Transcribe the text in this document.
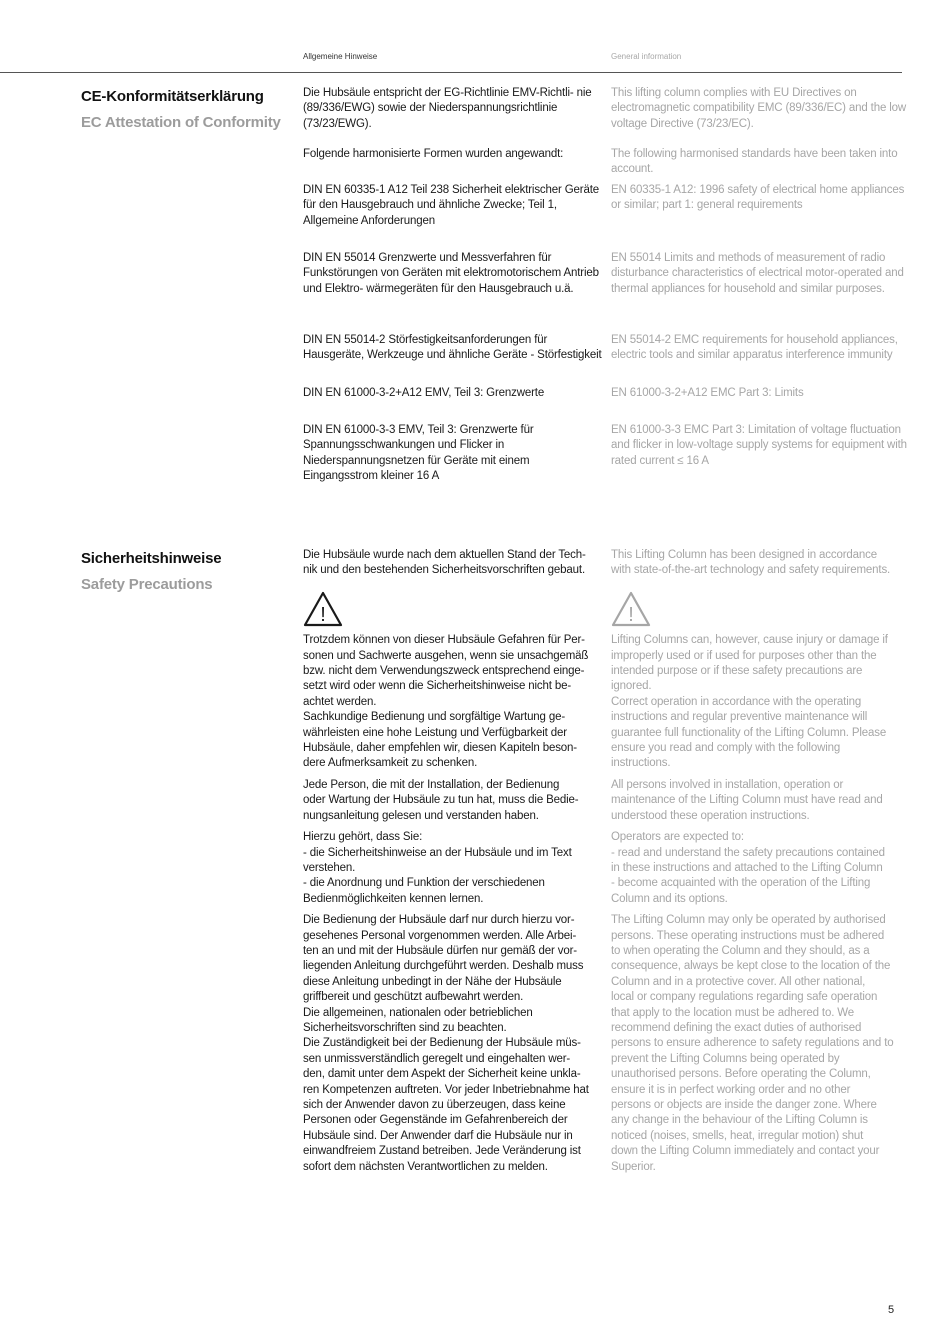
Allgemeine Hinweise	General information
CE-Konformitätserklärung
EC Attestation of Conformity
Die Hubsäule entspricht der EG-Richtlinie EMV-Richtli- nie (89/336/EWG) sowie der Niederspannungsrichtlinie (73/23/EWG).
Folgende harmonisierte Formen wurden angewandt:
DIN EN 60335-1 A12 Teil 238 Sicherheit elektrischer Geräte für den Hausgebrauch und ähnliche Zwecke; Teil 1, Allgemeine Anforderungen
DIN EN 55014 Grenzwerte und Messverfahren für Funkstörungen von Geräten mit elektromotorischem Antrieb und Elektro- wärmegeräten für den Hausgebrauch u.ä.
DIN EN 55014-2 Störfestigkeitsanforderungen für Hausgeräte, Werkzeuge und ähnliche Geräte - Störfestigkeit
DIN EN 61000-3-2+A12 EMV, Teil 3: Grenzwerte
DIN EN 61000-3-3 EMV, Teil 3: Grenzwerte für Spannungsschwankungen und Flicker in Niederspannungsnetzen für Geräte mit einem Eingangsstrom kleiner 16 A
This lifting column complies with EU Directives on electromagnetic compatibility EMC (89/336/EC) and the low voltage Directive (73/23/EC).
The following harmonised standards have been taken into account.
EN 60335-1 A12: 1996 safety of electrical home appliances or similar; part 1: general requirements
EN 55014 Limits and methods of measurement of radio disturbance characteristics of electrical motor-operated and thermal appliances for household and similar purposes.
EN 55014-2 EMC requirements for household appliances, electric tools and similar apparatus interference immunity
EN 61000-3-2+A12 EMC Part 3: Limits
EN 61000-3-3 EMC Part 3: Limitation of voltage fluctuation and flicker in low-voltage supply systems for equipment with rated current ≤ 16 A
Sicherheitshinweise
Safety Precautions

Die Hubsäule wurde nach dem aktuellen Stand der Tech-
nik und den bestehenden Sicherheitsvorschriften gebaut.

!

Trotzdem können von dieser Hubsäule Gefahren für Per-
sonen und Sachwerte ausgehen, wenn sie unsachgemäß
bzw. nicht dem Verwendungszweck entsprechend einge-
setzt wird oder wenn die Sicherheitshinweise nicht be-
achtet werden.
Sachkundige Bedienung und sorgfältige Wartung ge-
währleisten eine hohe Leistung und Verfügbarkeit der
Hubsäule, daher empfehlen wir, diesen Kapiteln beson-
dere Aufmerksamkeit zu schenken.

Jede Person, die mit der Installation, der Bedienung
oder Wartung der Hubsäule zu tun hat, muss die Bedie-
nungsanleitung gelesen und verstanden haben.

Hierzu gehört, dass Sie:
- die Sicherheitshinweise an der Hubsäule und im Text
verstehen.
- die Anordnung und Funktion der verschiedenen
Bedienmöglichkeiten kennen lernen.

Die Bedienung der Hubsäule darf nur durch hierzu vor-
gesehenes Personal vorgenommen werden. Alle Arbei-
ten an und mit der Hubsäule dürfen nur gemäß der vor-
liegenden Anleitung durchgeführt werden. Deshalb muss
diese Anleitung unbedingt in der Nähe der Hubsäule
griffbereit und geschützt aufbewahrt werden.
Die allgemeinen, nationalen oder betrieblichen
Sicherheitsvorschriften sind zu beachten.
Die Zuständigkeit bei der Bedienung der Hubsäule müs-
sen unmissverständlich geregelt und eingehalten wer-
den, damit unter dem Aspekt der Sicherheit keine unkla-
ren Kompetenzen auftreten. Vor jeder Inbetriebnahme hat
sich der Anwender davon zu überzeugen, dass keine
Personen oder Gegenstände im Gefahrenbereich der
Hubsäule sind. Der Anwender darf die Hubsäule nur in
einwandfreiem Zustand betreiben. Jede Veränderung ist
sofort dem nächsten Verantwortlichen zu melden.

This Lifting Column has been designed in accordance
with state-of-the-art technology and safety requirements.

!

Lifting Columns can, however, cause injury or damage if
improperly used or if used for purposes other than the
intended purpose or if these safety precautions are
ignored.
Correct operation in accordance with the operating
instructions and regular preventive maintenance will
guarantee full functionality of the Lifting Column. Please
ensure you read and comply with the following
instructions.

All persons involved in installation, operation or
maintenance of the Lifting Column must have read and
understood these operation instructions.

Operators are expected to:
- read and understand the safety precautions contained
in these instructions and attached to the Lifting Column
- become acquainted with the operation of the Lifting
Column and its options.

The Lifting Column may only be operated by authorised
persons. These operating instructions must be adhered
to when operating the Column and they should, as a
consequence, always be kept close to the location of the
Column and in a protective cover. All other national,
local or company regulations regarding safe operation
that apply to the location must be adhered to. We
recommend defining the exact duties of authorised
persons to ensure adherence to safety regulations and to
prevent the Lifting Columns being operated by
unauthorised persons. Before operating the Column,
ensure it is in perfect working order and no other
persons or objects are inside the danger zone. Where
any change in the behaviour of the Lifting Column is
noticed (noises, smells, heat, irregular motion) shut
down the Lifting Column immediately and contact your
Superior.

5
